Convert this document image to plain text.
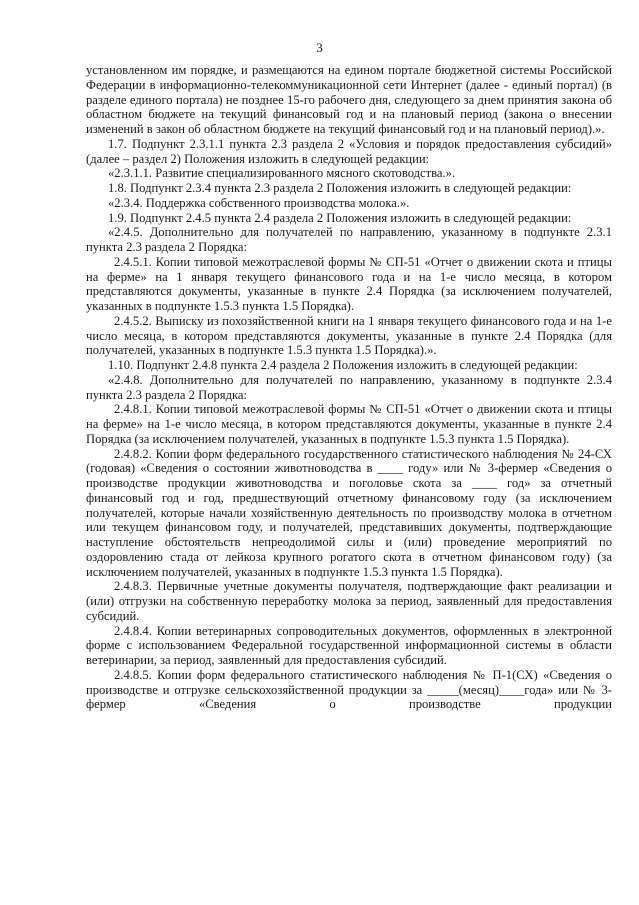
3

установленном им порядке, и размещаются на едином портале бюджетной системы Российской Федерации в информационно-телекоммуникационной сети Интернет (далее - единый портал) (в разделе единого портала) не позднее 15-го рабочего дня, следующего за днем принятия закона об областном бюджете на текущий финансовый год и на плановый период (закона о внесении изменений в закон об областном бюджете на текущий финансовый год и на плановый период).».

1.7. Подпункт 2.3.1.1 пункта 2.3 раздела 2 «Условия и порядок предоставления субсидий» (далее – раздел 2) Положения изложить в следующей редакции:

«2.3.1.1. Развитие специализированного мясного скотоводства.».

1.8. Подпункт 2.3.4 пункта 2.3 раздела 2 Положения изложить в следующей редакции:

«2.3.4. Поддержка собственного производства молока.».

1.9. Подпункт 2.4.5 пункта 2.4 раздела 2 Положения изложить в следующей редакции:

«2.4.5. Дополнительно для получателей по направлению, указанному в подпункте 2.3.1 пункта 2.3 раздела 2 Порядка:

2.4.5.1. Копии типовой межотраслевой формы № СП-51 «Отчет о движении скота и птицы на ферме» на 1 января текущего финансового года и на 1-е число месяца, в котором представляются документы, указанные в пункте 2.4 Порядка (за исключением получателей, указанных в подпункте 1.5.3 пункта 1.5 Порядка).

2.4.5.2. Выписку из похозяйственной книги на 1 января текущего финансового года и на 1-е число месяца, в котором представляются документы, указанные в пункте 2.4 Порядка (для получателей, указанных в подпункте 1.5.3 пункта 1.5 Порядка).».

1.10. Подпункт 2.4.8 пункта 2.4 раздела 2 Положения изложить в следующей редакции:

«2.4.8. Дополнительно для получателей по направлению, указанному в подпункте 2.3.4 пункта 2.3 раздела 2 Порядка:

2.4.8.1. Копии типовой межотраслевой формы № СП-51 «Отчет о движении скота и птицы на ферме» на 1-е число месяца, в котором представляются документы, указанные в пункте 2.4 Порядка (за исключением получателей, указанных в подпункте 1.5.3 пункта 1.5 Порядка).

2.4.8.2. Копии форм федерального государственного статистического наблюдения № 24-СХ (годовая) «Сведения о состоянии животноводства в ____ году» или № 3-фермер «Сведения о производстве продукции животноводства и поголовье скота за ____ год» за отчетный финансовый год и год, предшествующий отчетному финансовому году (за исключением получателей, которые начали хозяйственную деятельность по производству молока в отчетном или текущем финансовом году, и получателей, представивших документы, подтверждающие наступление обстоятельств непреодолимой силы и (или) проведение мероприятий по оздоровлению стада от лейкоза крупного рогатого скота в отчетном финансовом году) (за исключением получателей, указанных в подпункте 1.5.3 пункта 1.5 Порядка).

2.4.8.3. Первичные учетные документы получателя, подтверждающие факт реализации и (или) отгрузки на собственную переработку молока за период, заявленный для предоставления субсидий.

2.4.8.4. Копии ветеринарных сопроводительных документов, оформленных в электронной форме с использованием Федеральной государственной информационной системы в области ветеринарии, за период, заявленный для предоставления субсидий.

2.4.8.5. Копии форм федерального статистического наблюдения № П-1(СХ) «Сведения о производстве и отгрузке сельскохозяйственной продукции за _____(месяц)____года» или № 3-фермер «Сведения о производстве продукции
